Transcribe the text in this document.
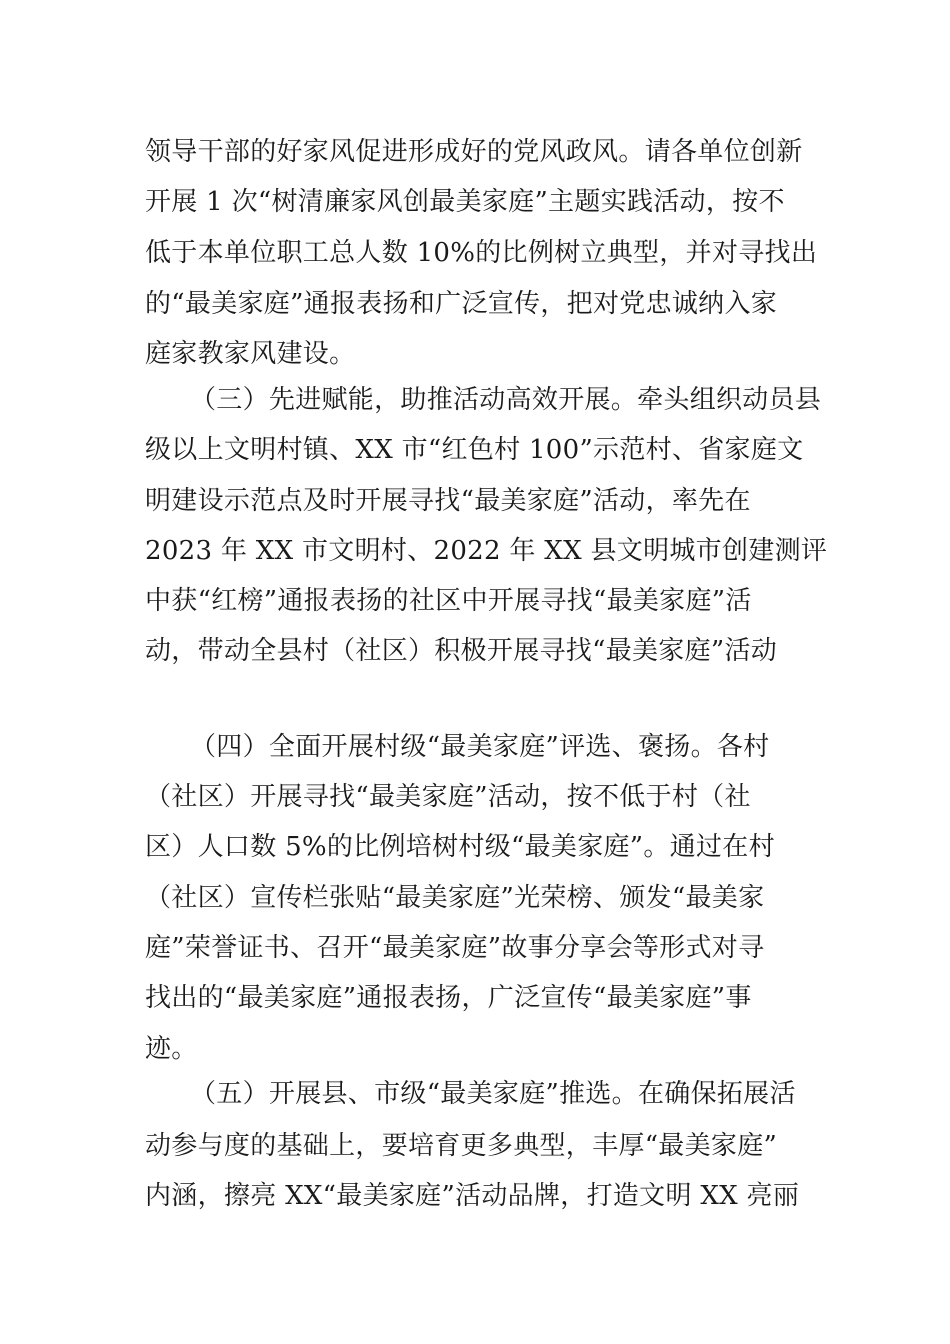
领导干部的好家风促进形成好的党风政风。请各单位创新
开展 1 次“树清廉家风创最美家庭”主题实践活动，按不
低于本单位职工总人数 10%的比例树立典型，并对寻找出
的“最美家庭”通报表扬和广泛宣传，把对党忠诚纳入家
庭家教家风建设。
（三）先进赋能，助推活动高效开展。牵头组织动员县
级以上文明村镇、XX 市“红色村 100”示范村、省家庭文
明建设示范点及时开展寻找“最美家庭”活动，率先在
2023 年 XX 市文明村、2022 年 XX 县文明城市创建测评
中获“红榜”通报表扬的社区中开展寻找“最美家庭”活
动，带动全县村（社区）积极开展寻找“最美家庭”活动
（四）全面开展村级“最美家庭”评选、褒扬。各村
（社区）开展寻找“最美家庭”活动，按不低于村（社
区）人口数 5%的比例培树村级“最美家庭”。通过在村
（社区）宣传栏张贴“最美家庭”光荣榜、颁发“最美家
庭”荣誉证书、召开“最美家庭”故事分享会等形式对寻
找出的“最美家庭”通报表扬，广泛宣传“最美家庭”事
迹。
（五）开展县、市级“最美家庭”推选。在确保拓展活
动参与度的基础上，要培育更多典型，丰厚“最美家庭”
内涵，擦亮 XX“最美家庭”活动品牌，打造文明 XX 亮丽
